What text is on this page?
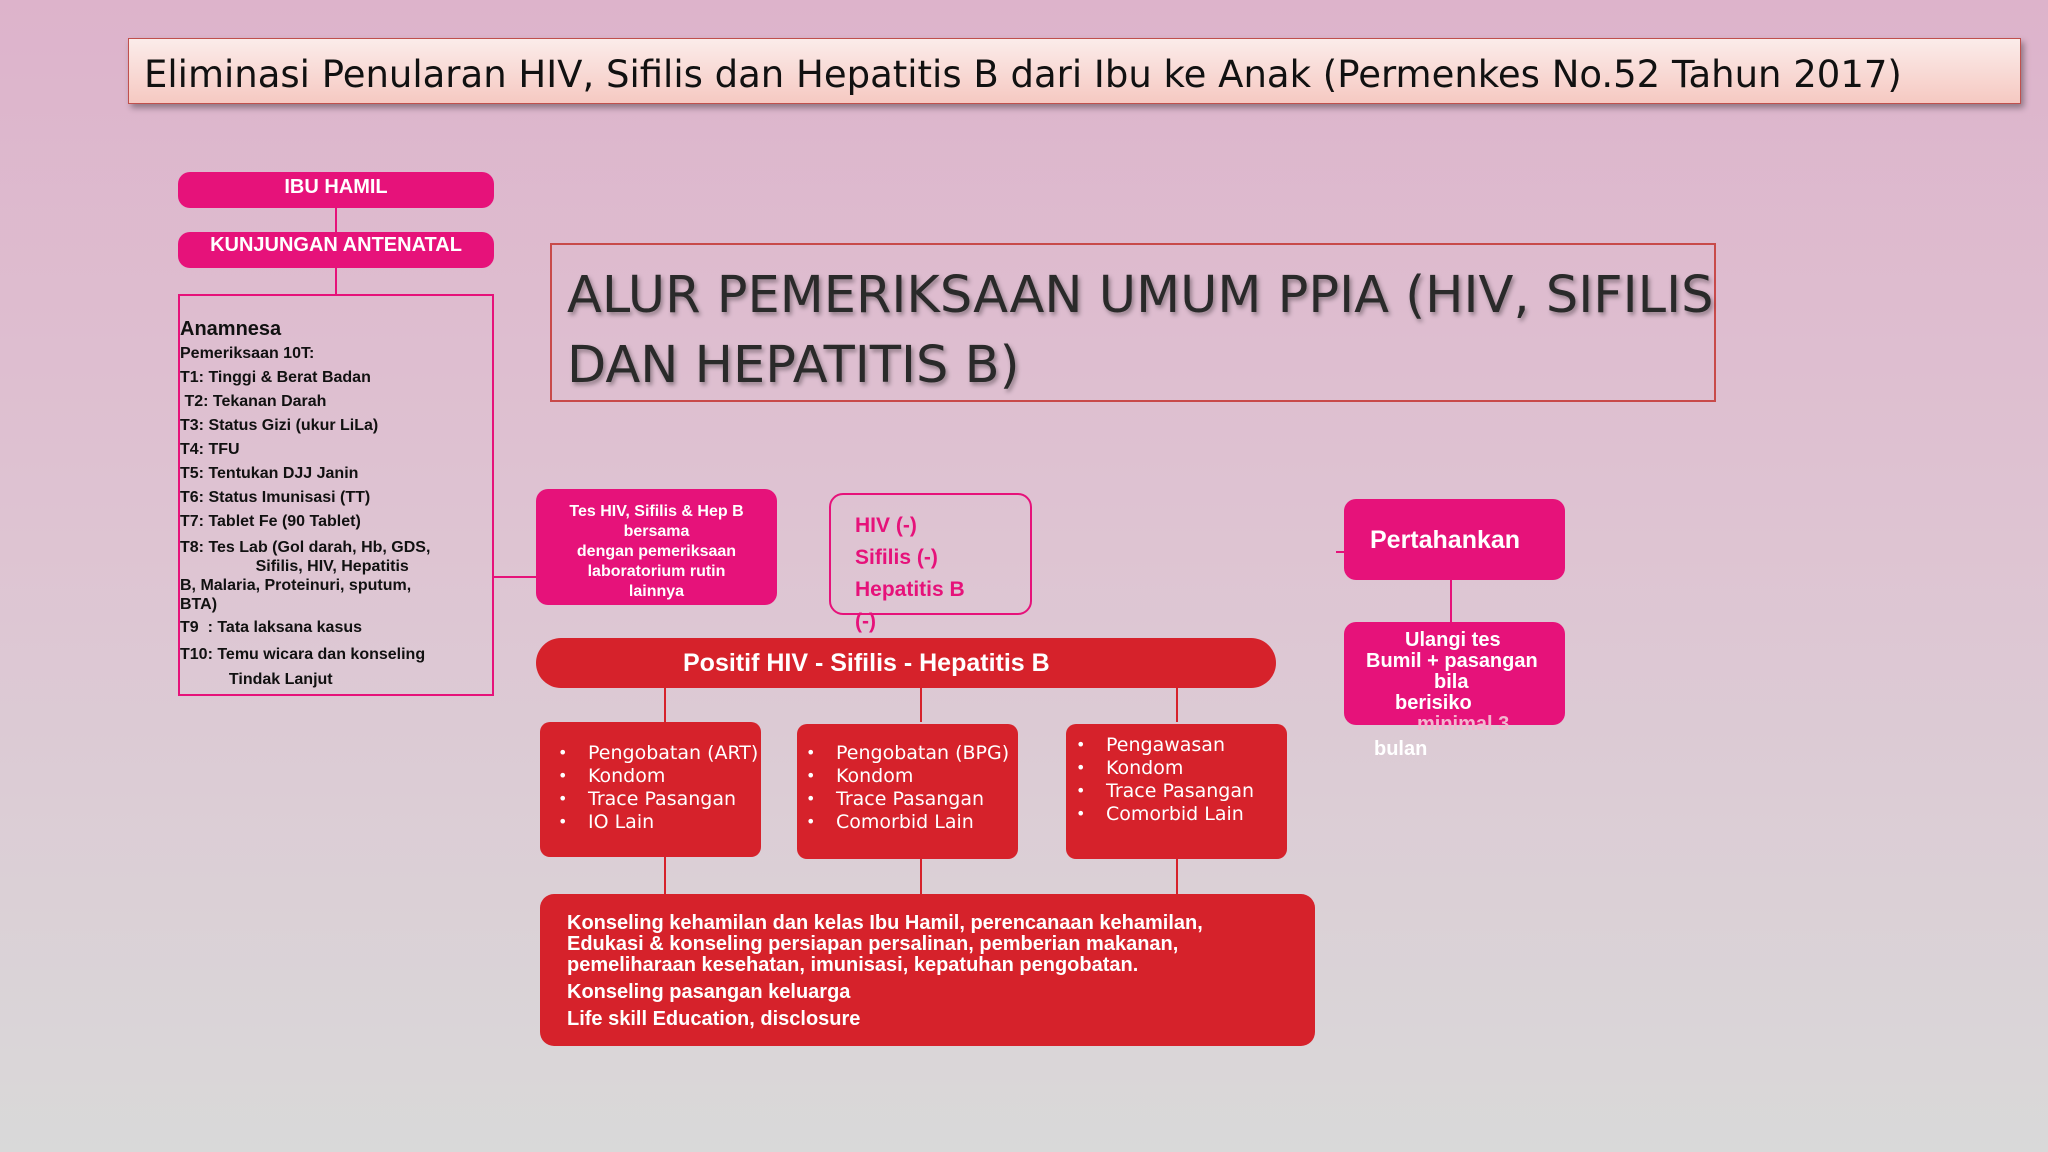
Eliminasi Penularan HIV, Sifilis dan Hepatitis B dari Ibu ke Anak (Permenkes No.52 Tahun 2017)
IBU HAMIL
KUNJUNGAN ANTENATAL
Anamnesa
Pemeriksaan 10T:
T1: Tinggi & Berat Badan
T2: Tekanan Darah
T3: Status Gizi (ukur LiLa)
T4: TFU
T5: Tentukan DJJ Janin
T6: Status Imunisasi (TT)
T7: Tablet Fe (90 Tablet)
T8: Tes Lab (Gol darah, Hb, GDS,
Sifilis, HIV, Hepatitis
B, Malaria, Proteinuri, sputum,
BTA)
T9  : Tata laksana kasus
T10: Temu wicara dan konseling
Tindak Lanjut
ALUR PEMERIKSAAN UMUM PPIA (HIV, SIFILIS
DAN HEPATITIS B)
Tes HIV, Sifilis & Hep B
bersama
dengan pemeriksaan
laboratorium rutin
lainnya
HIV (-)
Sifilis (-)
Hepatitis B
(-)
Positif HIV - Sifilis - Hepatitis B
• Pengobatan (ART)
• Kondom
• Trace Pasangan
• IO Lain
• Pengobatan (BPG)
• Kondom
• Trace Pasangan
• Comorbid Lain
• Pengawasan
• Kondom
• Trace Pasangan
• Comorbid Lain
Konseling kehamilan dan kelas Ibu Hamil, perencanaan kehamilan,
Edukasi & konseling persiapan persalinan, pemberian makanan,
pemeliharaan kesehatan, imunisasi, kepatuhan pengobatan.
Konseling pasangan keluarga
Life skill Education, disclosure
Pertahankan
Ulangi tes
Bumil + pasangan
bila
berisiko
minimal 3
bulan
